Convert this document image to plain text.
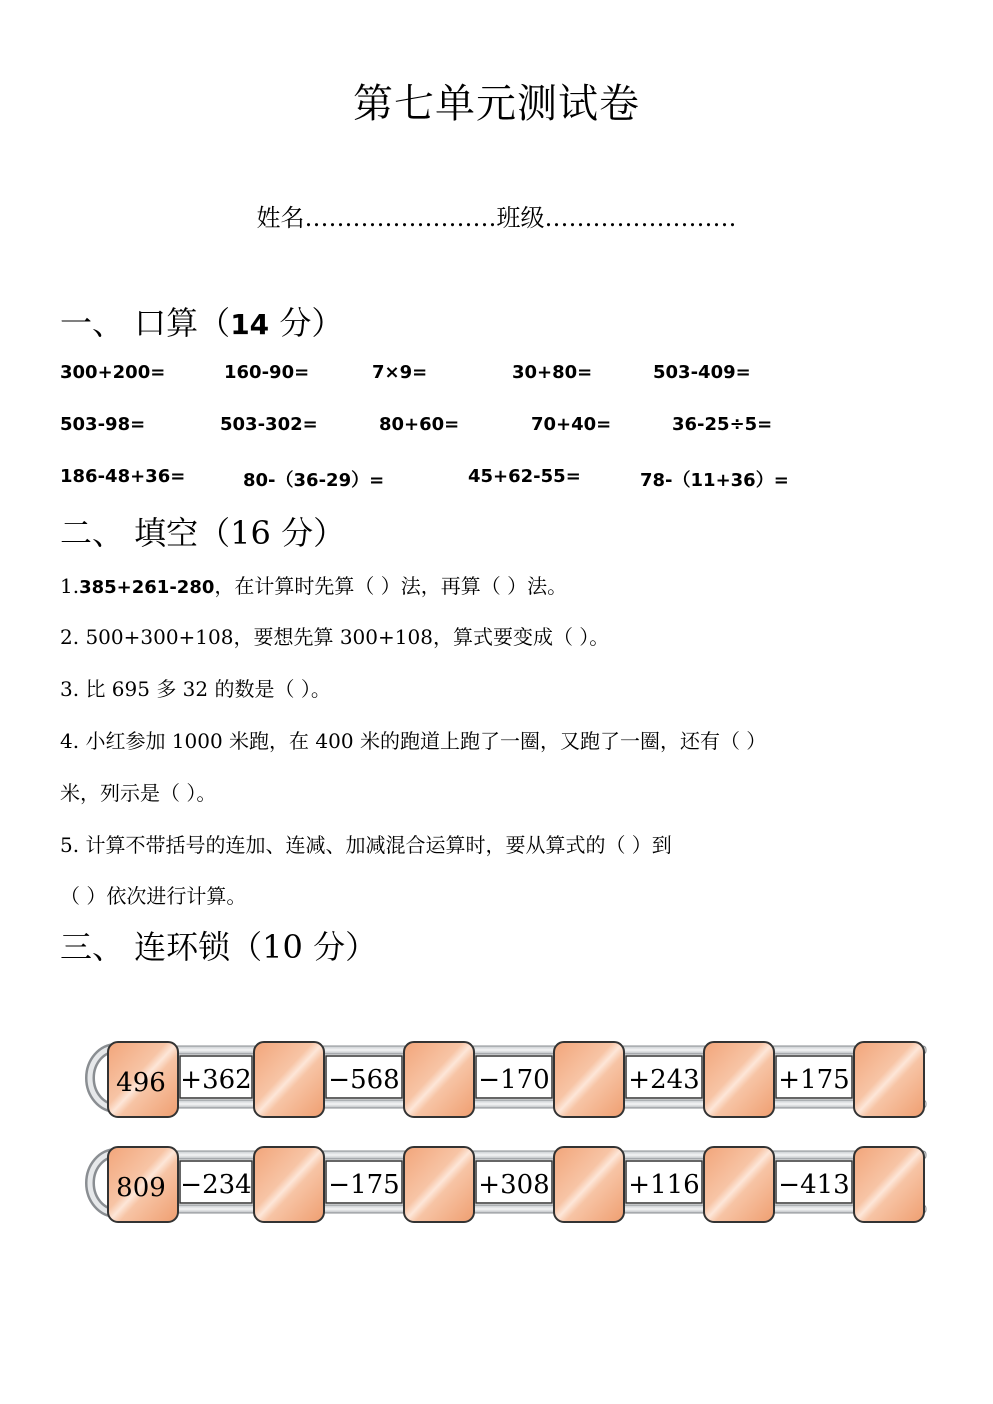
第七单元测试卷
姓名……………………班级……………………
一、 口算（14 分）
300+200=	160-90=	7×9=	30+80=	503-409=
503-98=	503-302=	80+60=	70+40=	36-25÷5=
186-48+36=	80-（36-29）=	45+62-55=	78-（11+36）=
二、 填空（16 分）
1.385+261-280，在计算时先算（ ）法，再算（ ）法。
2. 500+300+108，要想先算 300+108，算式要变成（ ）。
3. 比 695 多 32 的数是（ ）。
4. 小红参加 1000 米跑，在 400 米的跑道上跑了一圈，又跑了一圈，还有（ ）
米，列示是（ ）。
5. 计算不带括号的连加、连减、加减混合运算时，要从算式的（ ）到
（ ）依次进行计算。
三、 连环锁（10 分）
496 +362	−568	−170	+243	+175
809 −234	−175	+308	+116	−413
